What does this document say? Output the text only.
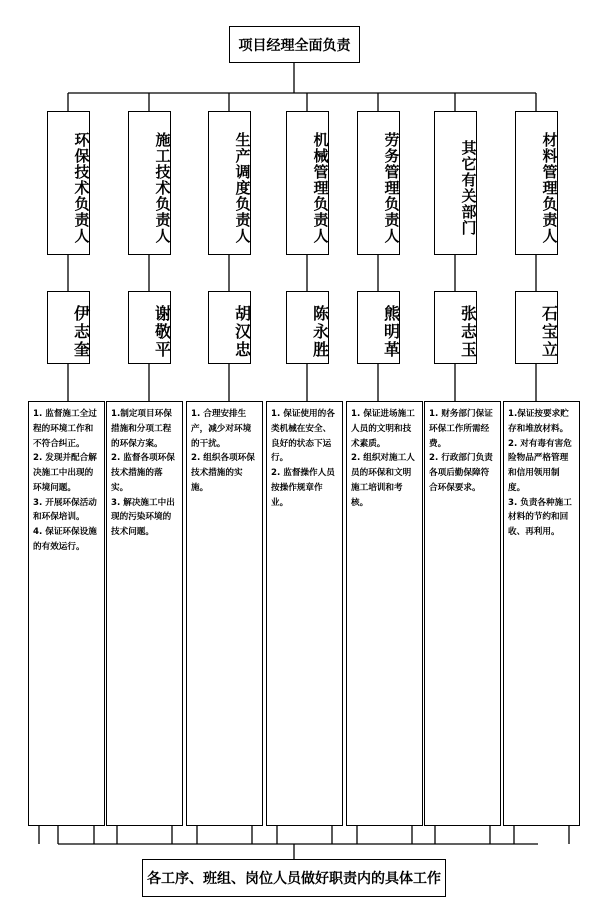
项目经理全面负责
各工序、班组、岗位人员做好职责内的具体工作
环保技术负责人
伊志奎

1. 监督施工全过程的环境工作和不符合纠正。

2. 发现并配合解决施工中出现的环境问题。

3. 开展环保活动和环保培训。

4. 保证环保设施的有效运行。

施工技术负责人
谢敬平

1.制定项目环保措施和分项工程的环保方案。

2. 监督各项环保技术措施的落实。

3. 解决施工中出现的污染环境的技术问题。

生产调度负责人
胡汉忠

1. 合理安排生产，减少对环境的干扰。

2. 组织各项环保技术措施的实施。

机械管理负责人
陈永胜

1. 保证使用的各类机械在安全、良好的状态下运行。

2. 监督操作人员按操作规章作业。

劳务管理负责人
熊明革

1. 保证进场施工人员的文明和技术素质。

2. 组织对施工人员的环保和文明施工培训和考核。

其它有关部门
张志玉

1. 财务部门保证环保工作所需经费。

2. 行政部门负责各项后勤保障符合环保要求。

材料管理负责人
石宝立

1.保证按要求贮存和堆放材料。

2. 对有毒有害危险物品严格管理和信用领用制度。

3. 负责各种施工材料的节约和回收、再利用。
